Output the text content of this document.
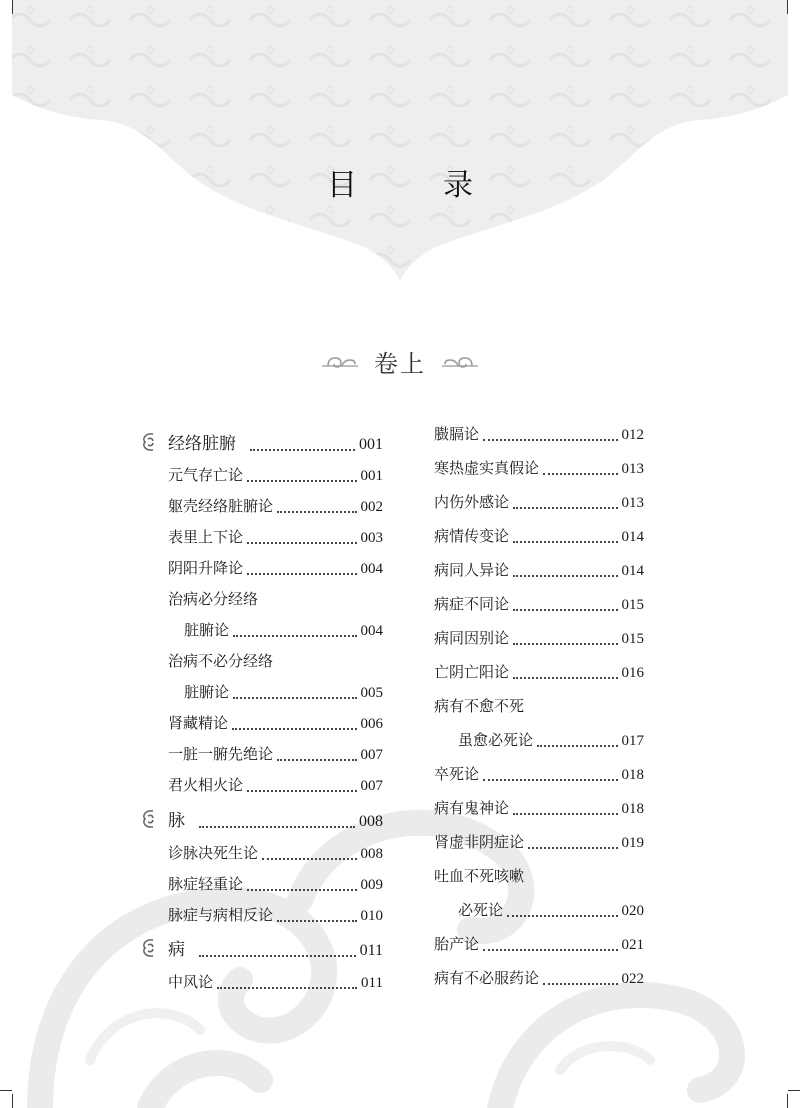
目　录
卷上
经络脏腑	001
元气存亡论	001
躯壳经络脏腑论	002
表里上下论	003
阴阳升降论	004
治病必分经络
脏腑论	004
治病不必分经络
脏腑论	005
肾藏精论	006
一脏一腑先绝论	007
君火相火论	007
脉	008
诊脉决死生论	008
脉症轻重论	009
脉症与病相反论	010
病	011
中风论	011
臌膈论	012
寒热虚实真假论	013
内伤外感论	013
病情传变论	014
病同人异论	014
病症不同论	015
病同因别论	015
亡阴亡阳论	016
病有不愈不死
虽愈必死论	017
卒死论	018
病有鬼神论	018
肾虚非阴症论	019
吐血不死咳嗽
必死论	020
胎产论	021
病有不必服药论	022
